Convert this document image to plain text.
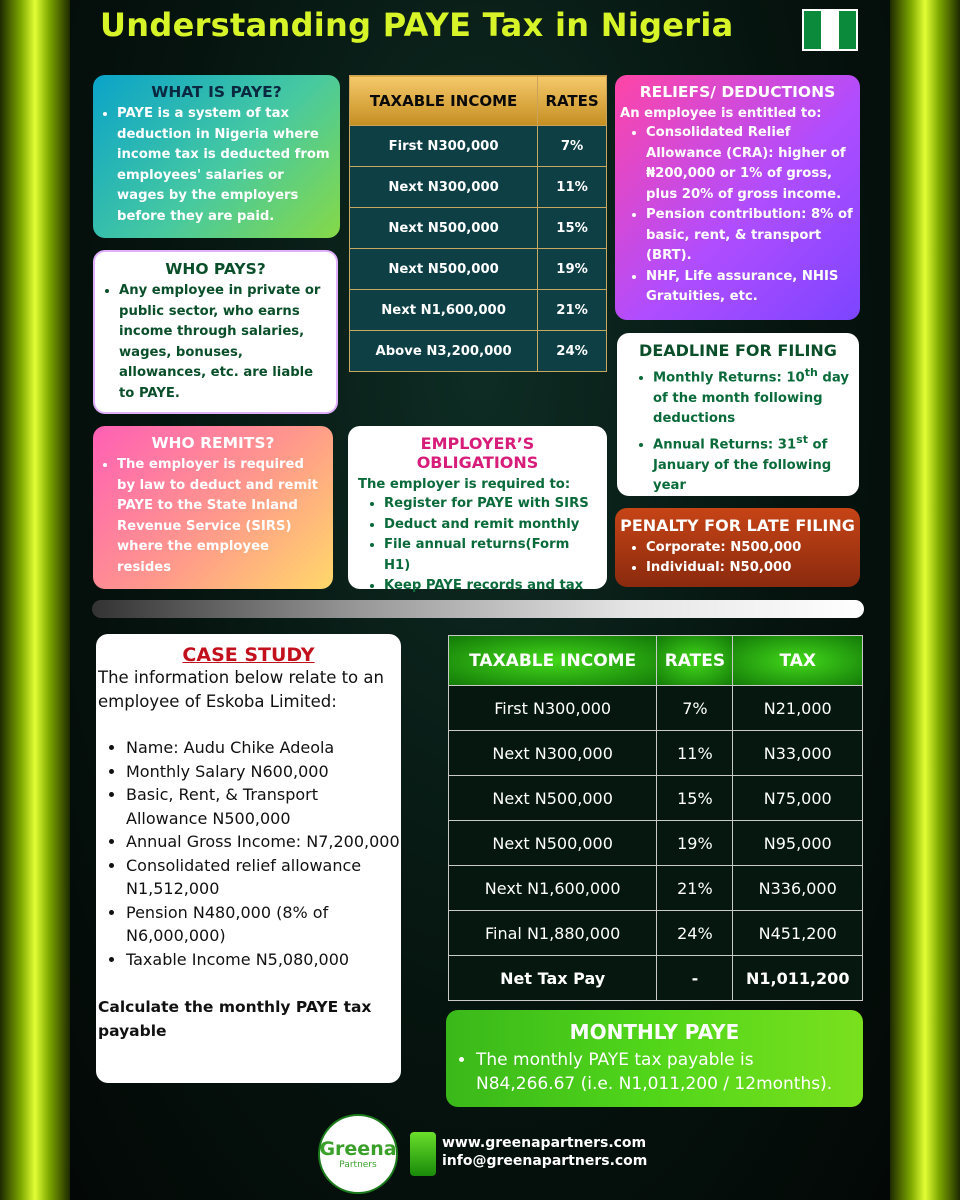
Understanding PAYE Tax in Nigeria
WHAT IS PAYE?
• PAYE is a system of tax deduction in Nigeria where income tax is deducted from employees' salaries or wages by the employers before they are paid.
WHO PAYS?
• Any employee in private or public sector, who earns income through salaries, wages, bonuses, allowances, etc. are liable to PAYE.
WHO REMITS?
• The employer is required by law to deduct and remit PAYE to the State Inland Revenue Service (SIRS) where the employee resides
TAXABLE INCOME	RATES
First N300,000	7%
Next N300,000	11%
Next N500,000	15%
Next N500,000	19%
Next N1,600,000	21%
Above N3,200,000	24%
EMPLOYER’S OBLIGATIONS

The employer is required to:

• Register for PAYE with SIRS
• Deduct and remit monthly
• File annual returns(Form H1)
• Keep PAYE records and tax
RELIEFS/ DEDUCTIONS

An employee is entitled to:

• Consolidated Relief Allowance (CRA): higher of ₦200,000 or 1% of gross, plus 20% of gross income.
• Pension contribution: 8% of basic, rent, & transport (BRT).
• NHF, Life assurance, NHIS Gratuities, etc.
DEADLINE FOR FILING
• Monthly Returns: 10th day of the month following deductions
• Annual Returns: 31st of January of the following year
PENALTY FOR LATE FILING
• Corporate: N500,000
• Individual: N50,000
CASE STUDY

The information below relate to an employee of Eskoba Limited:

• Name: Audu Chike Adeola
• Monthly Salary N600,000
• Basic, Rent, & Transport Allowance N500,000
• Annual Gross Income: N7,200,000
• Consolidated relief allowance N1,512,000
• Pension N480,000 (8% of N6,000,000)
• Taxable Income N5,080,000

Calculate the monthly PAYE tax payable

TAXABLE INCOME	RATES	TAX
First N300,000	7%	N21,000
Next N300,000	11%	N33,000
Next N500,000	15%	N75,000
Next N500,000	19%	N95,000
Next N1,600,000	21%	N336,000
Final N1,880,000	24%	N451,200
Net Tax Pay	-	N1,011,200
MONTHLY PAYE
• The monthly PAYE tax payable is N84,266.67 (i.e. N1,011,200 / 12months).
Greena
Partners
www.greenapartners.com
info@greenapartners.com
